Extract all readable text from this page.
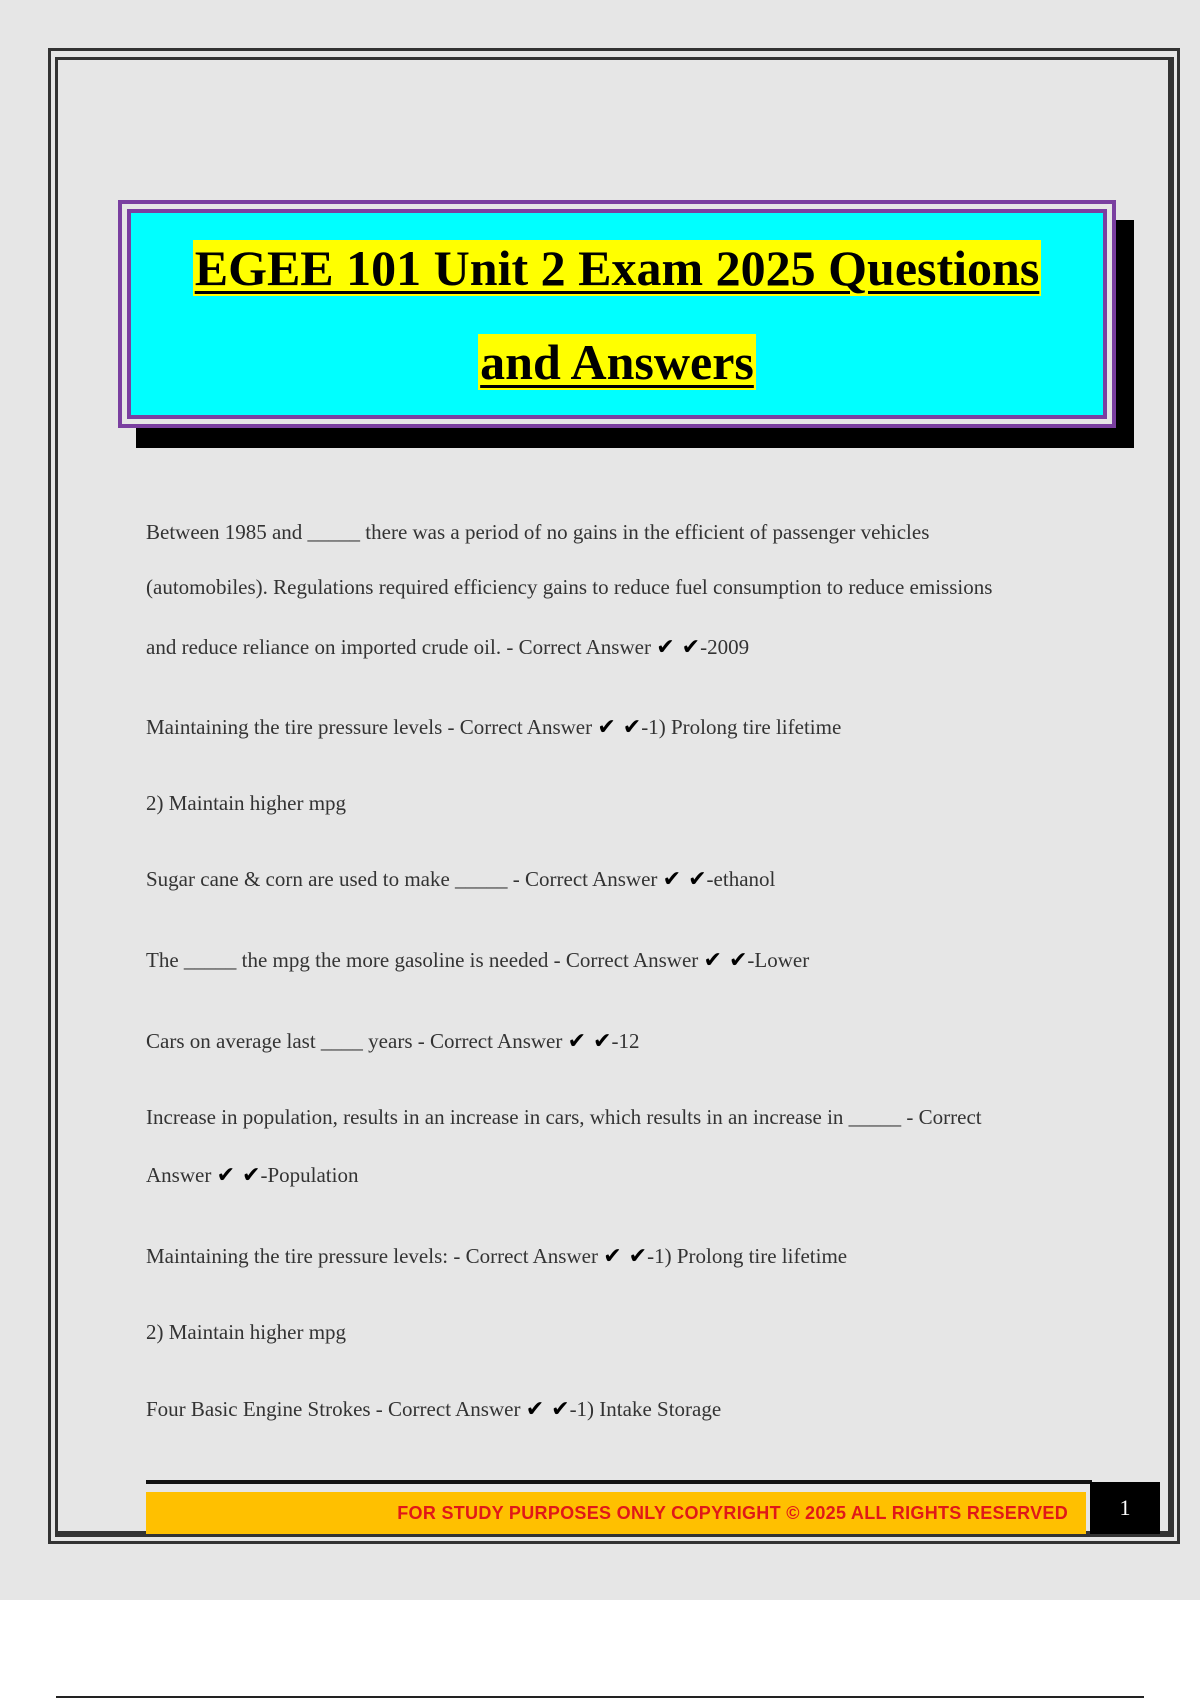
EGEE 101 Unit 2 Exam 2025 Questions
and Answers
Between 1985 and _____ there was a period of no gains in the efficient of passenger vehicles
(automobiles). Regulations required efficiency gains to reduce fuel consumption to reduce emissions
and reduce reliance on imported crude oil. - Correct Answer ✔ ✔-2009
Maintaining the tire pressure levels - Correct Answer ✔ ✔-1) Prolong tire lifetime
2) Maintain higher mpg
Sugar cane & corn are used to make _____ - Correct Answer ✔ ✔-ethanol
The _____ the mpg the more gasoline is needed - Correct Answer ✔ ✔-Lower
Cars on average last ____ years - Correct Answer ✔ ✔-12
Increase in population, results in an increase in cars, which results in an increase in _____ - Correct
Answer ✔ ✔-Population
Maintaining the tire pressure levels: - Correct Answer ✔ ✔-1) Prolong tire lifetime
2) Maintain higher mpg
Four Basic Engine Strokes - Correct Answer ✔ ✔-1) Intake Storage
FOR STUDY PURPOSES ONLY COPYRIGHT © 2025 ALL RIGHTS RESERVED	1
